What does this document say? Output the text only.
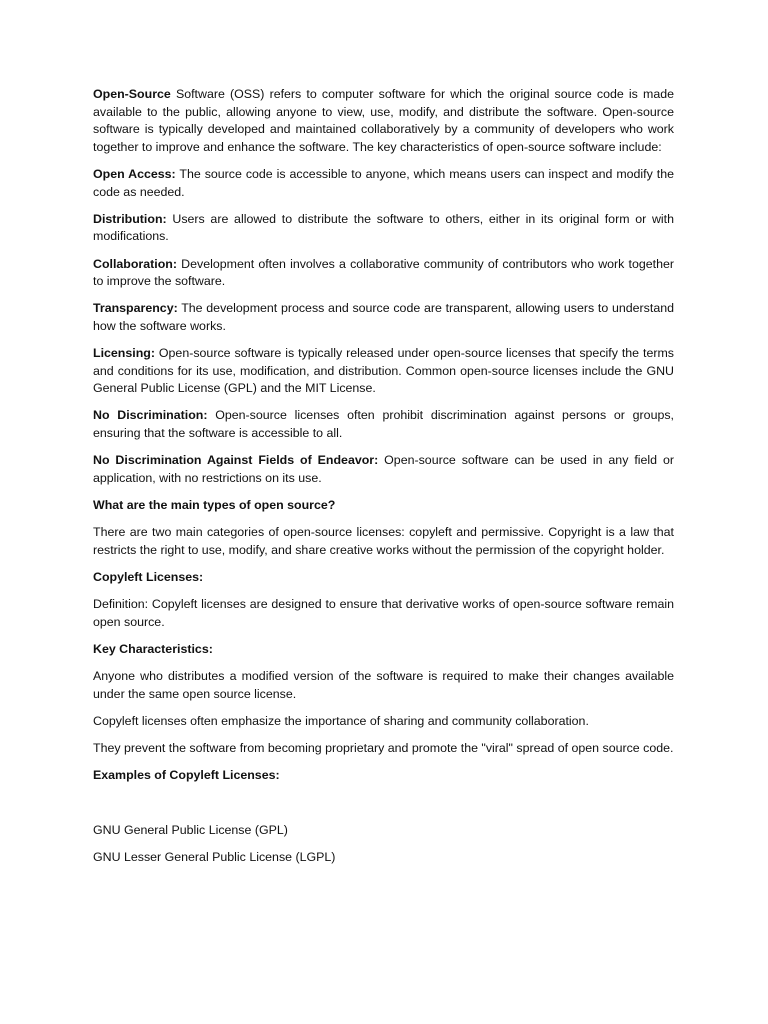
Open-Source Software (OSS) refers to computer software for which the original source code is made available to the public, allowing anyone to view, use, modify, and distribute the software. Open-source software is typically developed and maintained collaboratively by a community of developers who work together to improve and enhance the software. The key characteristics of open-source software include:

Open Access: The source code is accessible to anyone, which means users can inspect and modify the code as needed.

Distribution: Users are allowed to distribute the software to others, either in its original form or with modifications.

Collaboration: Development often involves a collaborative community of contributors who work together to improve the software.

Transparency: The development process and source code are transparent, allowing users to understand how the software works.

Licensing: Open-source software is typically released under open-source licenses that specify the terms and conditions for its use, modification, and distribution. Common open-source licenses include the GNU General Public License (GPL) and the MIT License.

No Discrimination: Open-source licenses often prohibit discrimination against persons or groups, ensuring that the software is accessible to all.

No Discrimination Against Fields of Endeavor: Open-source software can be used in any field or application, with no restrictions on its use.

What are the main types of open source?

There are two main categories of open-source licenses: copyleft and permissive. Copyright is a law that restricts the right to use, modify, and share creative works without the permission of the copyright holder.

Copyleft Licenses:

Definition: Copyleft licenses are designed to ensure that derivative works of open-source software remain open source.

Key Characteristics:

Anyone who distributes a modified version of the software is required to make their changes available under the same open source license.

Copyleft licenses often emphasize the importance of sharing and community collaboration.

They prevent the software from becoming proprietary and promote the "viral" spread of open source code.

Examples of Copyleft Licenses:

GNU General Public License (GPL)

GNU Lesser General Public License (LGPL)
